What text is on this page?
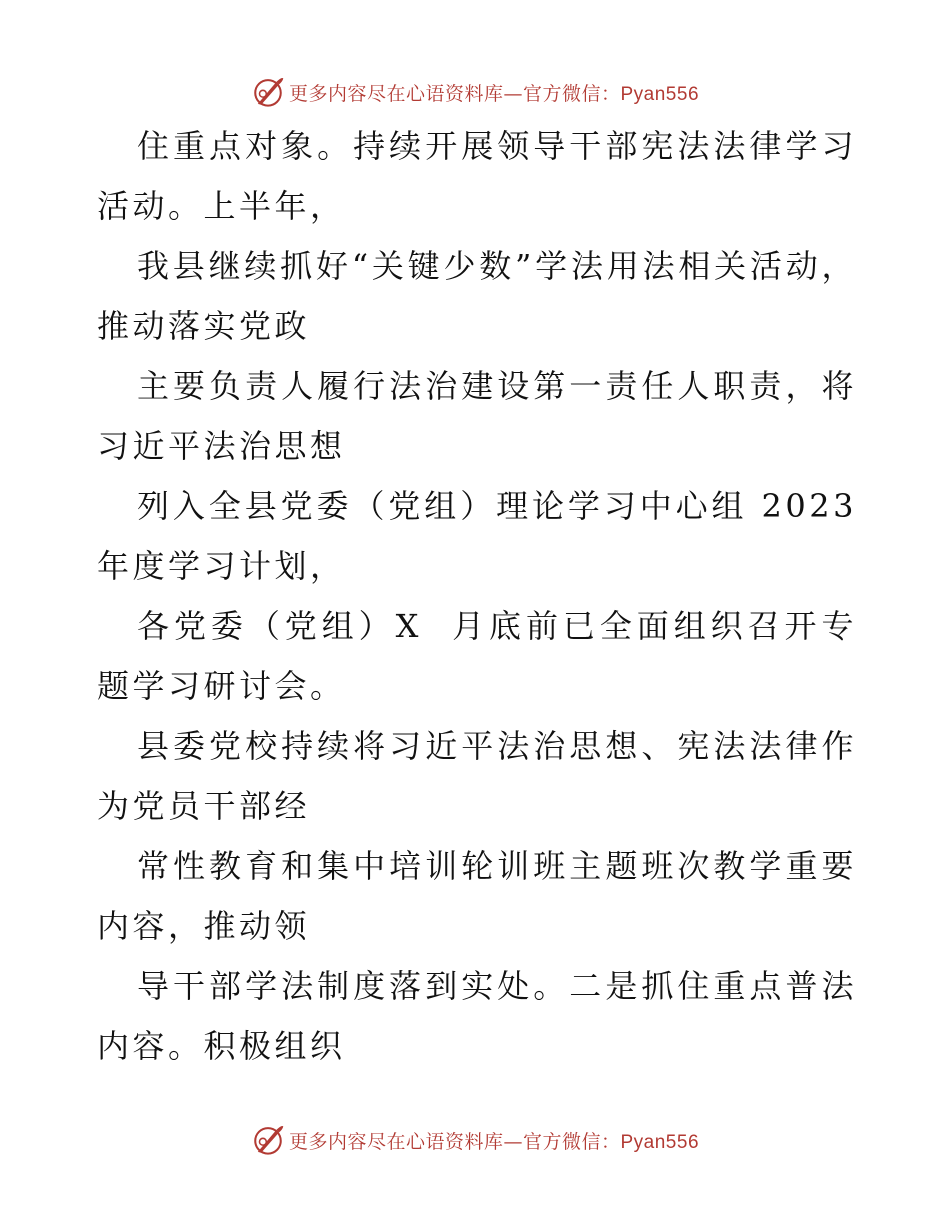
更多内容尽在心语资料库—官方微信：Pyan556

住重点对象。持续开展领导干部宪法法律学习活动。上半年，

我县继续抓好“关键少数”学法用法相关活动，推动落实党政

主要负责人履行法治建设第一责任人职责，将习近平法治思想

列入全县党委（党组）理论学习中心组 2023 年度学习计划，

各党委（党组）X  月底前已全面组织召开专题学习研讨会。

县委党校持续将习近平法治思想、宪法法律作为党员干部经

常性教育和集中培训轮训班主题班次教学重要内容，推动领

导干部学法制度落到实处。二是抓住重点普法内容。积极组织

更多内容尽在心语资料库—官方微信：Pyan556
